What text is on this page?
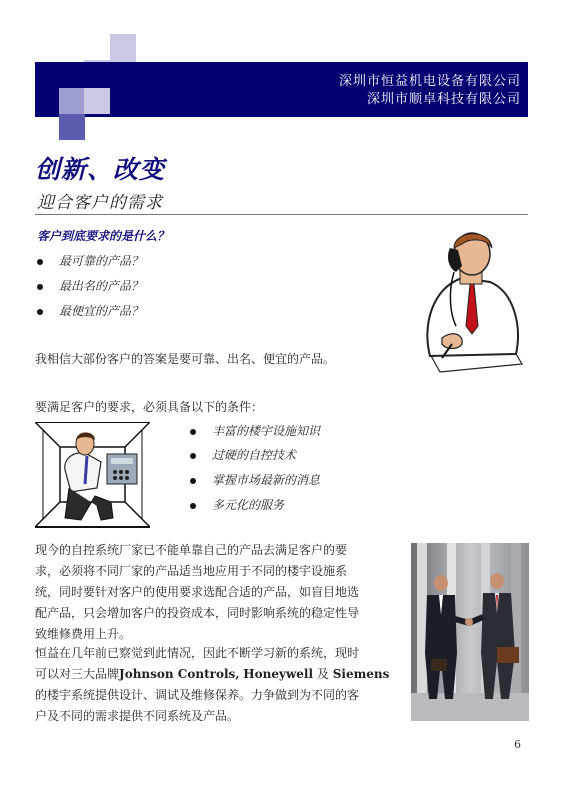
深圳市恒益机电设备有限公司
深圳市顺卓科技有限公司
创新、改变
迎合客户的需求
客户到底要求的是什么？
最可靠的产品？
最出名的产品？
最便宜的产品？
我相信大部份客户的答案是要可靠、出名、便宜的产品。
要满足客户的要求，必须具备以下的条件：
丰富的楼宇设施知识
过硬的自控技术
掌握市场最新的消息
多元化的服务
现今的自控系统厂家已不能单靠自己的产品去满足客户的要
求，必须将不同厂家的产品适当地应用于不同的楼宇设施系
统，同时要针对客户的使用要求选配合适的产品，如盲目地选
配产品，只会增加客户的投资成本，同时影响系统的稳定性导
致维修费用上升。
恒益在几年前已察觉到此情况，因此不断学习新的系统，现时
可以对三大品牌Johnson Controls, Honeywell 及 Siemens
的楼宇系统提供设计、调试及维修保养。力争做到为不同的客
户及不同的需求提供不同系统及产品。
6
